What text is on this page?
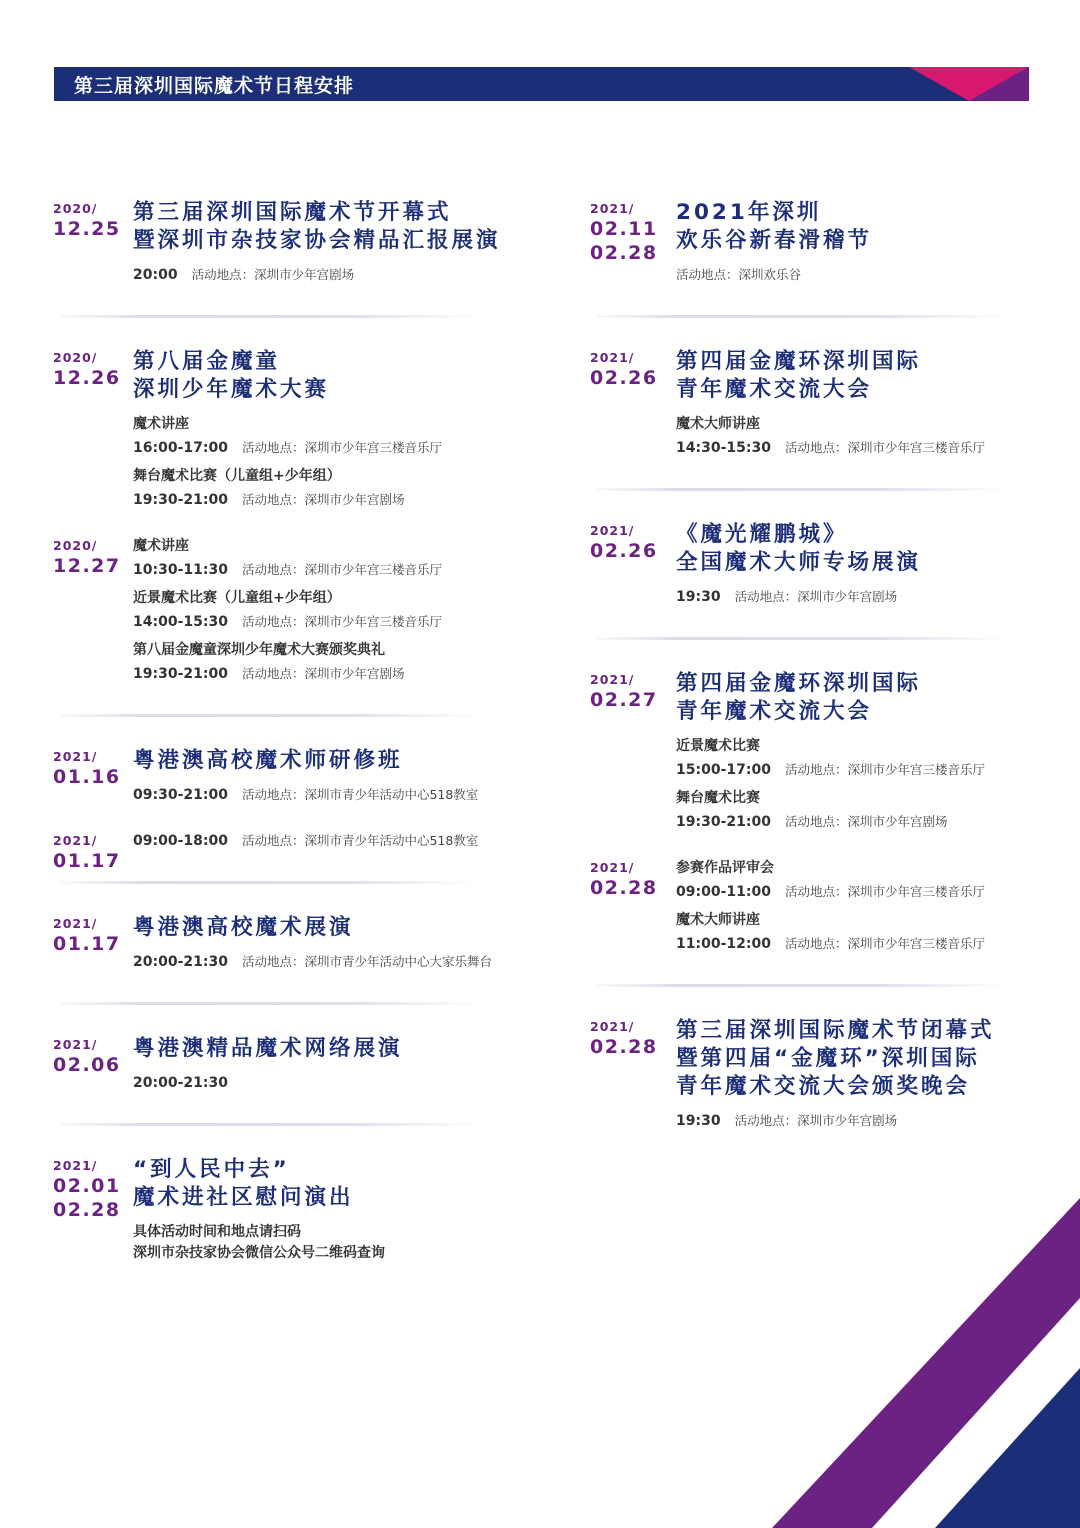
第三届深圳国际魔术节日程安排
2020/
12.25
第三届深圳国际魔术节开幕式
暨深圳市杂技家协会精品汇报展演
20:00 活动地点：深圳市少年宫剧场
2020/
12.26
第八届金魔童
深圳少年魔术大赛
魔术讲座
16:00-17:00 活动地点：深圳市少年宫三楼音乐厅
舞台魔术比赛（儿童组+少年组）
19:30-21:00 活动地点：深圳市少年宫剧场
2020/
12.27
魔术讲座
10:30-11:30 活动地点：深圳市少年宫三楼音乐厅
近景魔术比赛（儿童组+少年组）
14:00-15:30 活动地点：深圳市少年宫三楼音乐厅
第八届金魔童深圳少年魔术大赛颁奖典礼
19:30-21:00 活动地点：深圳市少年宫剧场
2021/
01.16
粤港澳高校魔术师研修班
09:30-21:00 活动地点：深圳市青少年活动中心518教室
2021/
01.17
09:00-18:00 活动地点：深圳市青少年活动中心518教室
2021/
01.17
粤港澳高校魔术展演
20:00-21:30 活动地点：深圳市青少年活动中心大家乐舞台
2021/
02.06
粤港澳精品魔术网络展演
20:00-21:30
2021/
02.01
02.28
“到人民中去”
魔术进社区慰问演出
具体活动时间和地点请扫码
深圳市杂技家协会微信公众号二维码查询
2021/
02.11
02.28
2021年深圳
欢乐谷新春滑稽节
活动地点：深圳欢乐谷
2021/
02.26
第四届金魔环深圳国际
青年魔术交流大会
魔术大师讲座
14:30-15:30 活动地点：深圳市少年宫三楼音乐厅
2021/
02.26
《魔光耀鹏城》
全国魔术大师专场展演
19:30 活动地点：深圳市少年宫剧场
2021/
02.27
第四届金魔环深圳国际
青年魔术交流大会
近景魔术比赛
15:00-17:00 活动地点：深圳市少年宫三楼音乐厅
舞台魔术比赛
19:30-21:00 活动地点：深圳市少年宫剧场
2021/
02.28
参赛作品评审会
09:00-11:00 活动地点：深圳市少年宫三楼音乐厅
魔术大师讲座
11:00-12:00 活动地点：深圳市少年宫三楼音乐厅
2021/
02.28
第三届深圳国际魔术节闭幕式
暨第四届“金魔环”深圳国际
青年魔术交流大会颁奖晚会
19:30 活动地点：深圳市少年宫剧场
